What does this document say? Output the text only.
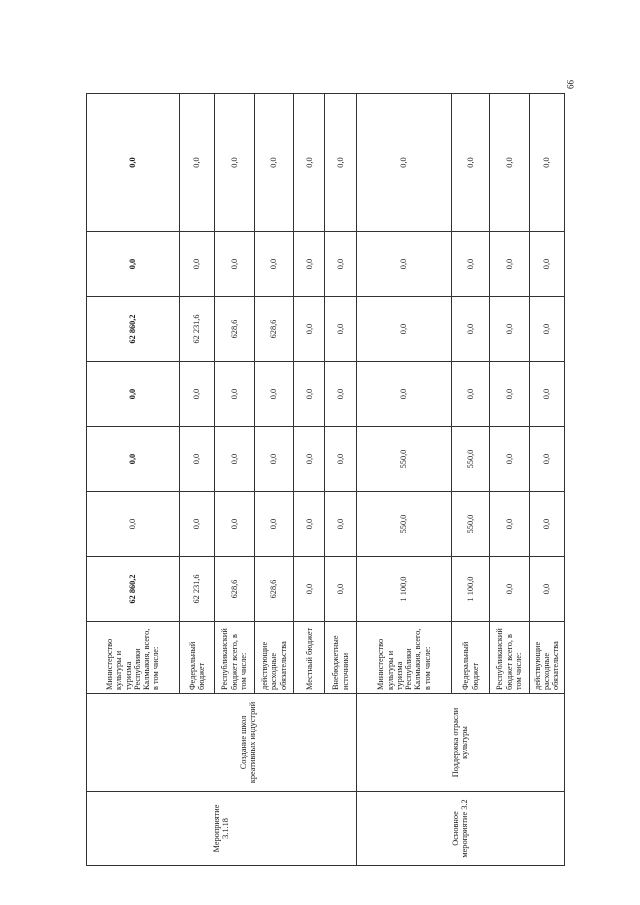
99
Мероприятие 3.1.18	Создание школ креативных индустрий	Министерство культуры и туризма Республики Калмыкия, всего, в том числе:	62 860,2	0,0	0,0	0,0	62 860,2	0,0	0,0
		Федеральный бюджет	62 231,6	0,0	0,0	0,0	62 231,6	0,0	0,0
		Республиканский бюджет всего, в том числе:	628,6	0,0	0,0	0,0	628,6	0,0	0,0
		действующие расходные обязательства	628,6	0,0	0,0	0,0	628,6	0,0	0,0
		Местный бюджет	0,0	0,0	0,0	0,0	0,0	0,0	0,0
		Внебюджетные источники	0,0	0,0	0,0	0,0	0,0	0,0	0,0
Основное мероприятие 3.2	Поддержка отрасли культуры	Министерство культуры и туризма Республики Калмыкия, всего, в том числе:	1 100,0	550,0	550,0	0,0	0,0	0,0	0,0
		Федеральный бюджет	1 100,0	550,0	550,0	0,0	0,0	0,0	0,0
		Республиканский бюджет всего, в том числе:	0,0	0,0	0,0	0,0	0,0	0,0	0,0
		действующие расходные обязательства	0,0	0,0	0,0	0,0	0,0	0,0	0,0
